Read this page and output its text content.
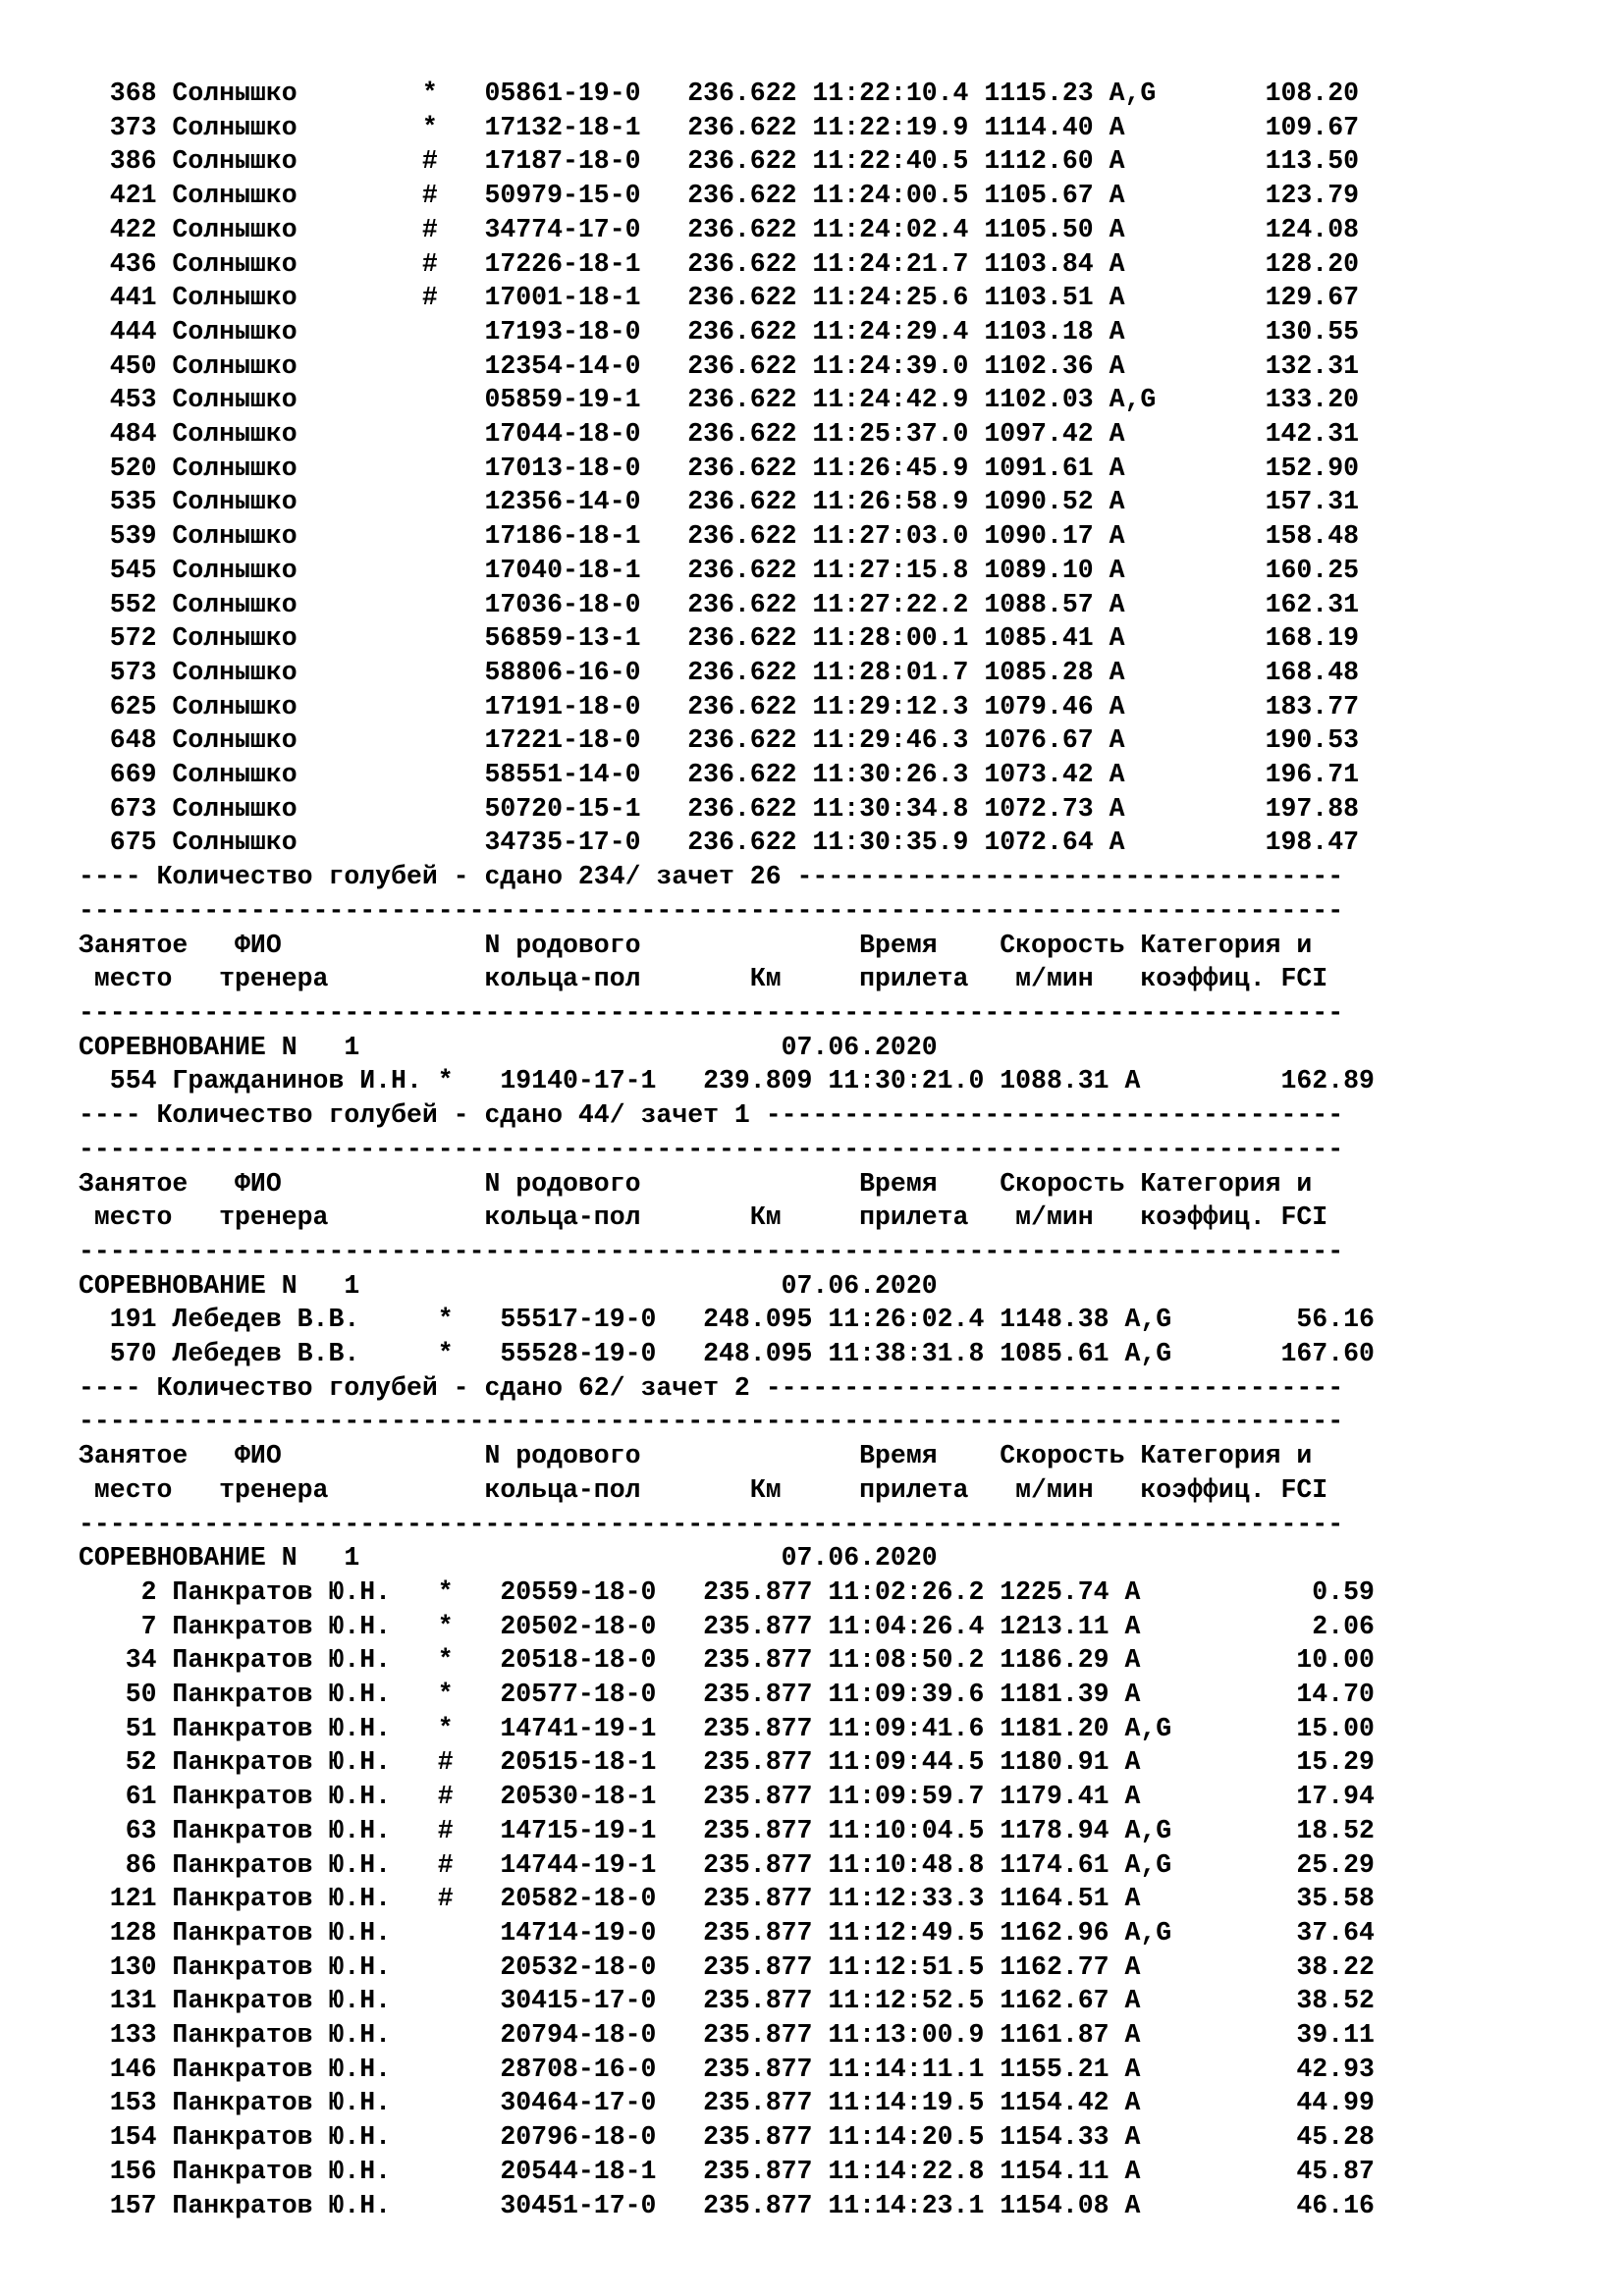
368 Солнышко        *   05861-19-0   236.622 11:22:10.4 1115.23 A,G       108.20
373 Солнышко        *   17132-18-1   236.622 11:22:19.9 1114.40 A         109.67
386 Солнышко        #   17187-18-0   236.622 11:22:40.5 1112.60 A         113.50
421 Солнышко        #   50979-15-0   236.622 11:24:00.5 1105.67 A         123.79
422 Солнышко        #   34774-17-0   236.622 11:24:02.4 1105.50 A         124.08
436 Солнышко        #   17226-18-1   236.622 11:24:21.7 1103.84 A         128.20
441 Солнышко        #   17001-18-1   236.622 11:24:25.6 1103.51 A         129.67
444 Солнышко            17193-18-0   236.622 11:24:29.4 1103.18 A         130.55
450 Солнышко            12354-14-0   236.622 11:24:39.0 1102.36 A         132.31
453 Солнышко            05859-19-1   236.622 11:24:42.9 1102.03 A,G       133.20
484 Солнышко            17044-18-0   236.622 11:25:37.0 1097.42 A         142.31
520 Солнышко            17013-18-0   236.622 11:26:45.9 1091.61 A         152.90
535 Солнышко            12356-14-0   236.622 11:26:58.9 1090.52 A         157.31
539 Солнышко            17186-18-1   236.622 11:27:03.0 1090.17 A         158.48
545 Солнышко            17040-18-1   236.622 11:27:15.8 1089.10 A         160.25
552 Солнышко            17036-18-0   236.622 11:27:22.2 1088.57 A         162.31
572 Солнышко            56859-13-1   236.622 11:28:00.1 1085.41 A         168.19
573 Солнышко            58806-16-0   236.622 11:28:01.7 1085.28 A         168.48
625 Солнышко            17191-18-0   236.622 11:29:12.3 1079.46 A         183.77
648 Солнышко            17221-18-0   236.622 11:29:46.3 1076.67 A         190.53
669 Солнышко            58551-14-0   236.622 11:30:26.3 1073.42 A         196.71
673 Солнышко            50720-15-1   236.622 11:30:34.8 1072.73 A         197.88
675 Солнышко            34735-17-0   236.622 11:30:35.9 1072.64 A         198.47
---- Количество голубей - сдано 234/ зачет 26 -----------------------------------
---------------------------------------------------------------------------------
Занятое   ФИО             N родового              Время    Скорость Категория и
место   тренера          кольца-пол       Км     прилета   м/мин   коэффиц. FCI
---------------------------------------------------------------------------------
СОРЕВНОВАНИЕ N   1                           07.06.2020
554 Гражданинов И.Н. *   19140-17-1   239.809 11:30:21.0 1088.31 A         162.89
---- Количество голубей - сдано 44/ зачет 1 -------------------------------------
---------------------------------------------------------------------------------
Занятое   ФИО             N родового              Время    Скорость Категория и
место   тренера          кольца-пол       Км     прилета   м/мин   коэффиц. FCI
---------------------------------------------------------------------------------
СОРЕВНОВАНИЕ N   1                           07.06.2020
191 Лебедев В.В.     *   55517-19-0   248.095 11:26:02.4 1148.38 A,G        56.16
570 Лебедев В.В.     *   55528-19-0   248.095 11:38:31.8 1085.61 A,G       167.60
---- Количество голубей - сдано 62/ зачет 2 -------------------------------------
---------------------------------------------------------------------------------
Занятое   ФИО             N родового              Время    Скорость Категория и
место   тренера          кольца-пол       Км     прилета   м/мин   коэффиц. FCI
---------------------------------------------------------------------------------
СОРЕВНОВАНИЕ N   1                           07.06.2020
2 Панкратов Ю.Н.   *   20559-18-0   235.877 11:02:26.2 1225.74 A           0.59
7 Панкратов Ю.Н.   *   20502-18-0   235.877 11:04:26.4 1213.11 A           2.06
34 Панкратов Ю.Н.   *   20518-18-0   235.877 11:08:50.2 1186.29 A          10.00
50 Панкратов Ю.Н.   *   20577-18-0   235.877 11:09:39.6 1181.39 A          14.70
51 Панкратов Ю.Н.   *   14741-19-1   235.877 11:09:41.6 1181.20 A,G        15.00
52 Панкратов Ю.Н.   #   20515-18-1   235.877 11:09:44.5 1180.91 A          15.29
61 Панкратов Ю.Н.   #   20530-18-1   235.877 11:09:59.7 1179.41 A          17.94
63 Панкратов Ю.Н.   #   14715-19-1   235.877 11:10:04.5 1178.94 A,G        18.52
86 Панкратов Ю.Н.   #   14744-19-1   235.877 11:10:48.8 1174.61 A,G        25.29
121 Панкратов Ю.Н.   #   20582-18-0   235.877 11:12:33.3 1164.51 A          35.58
128 Панкратов Ю.Н.       14714-19-0   235.877 11:12:49.5 1162.96 A,G        37.64
130 Панкратов Ю.Н.       20532-18-0   235.877 11:12:51.5 1162.77 A          38.22
131 Панкратов Ю.Н.       30415-17-0   235.877 11:12:52.5 1162.67 A          38.52
133 Панкратов Ю.Н.       20794-18-0   235.877 11:13:00.9 1161.87 A          39.11
146 Панкратов Ю.Н.       28708-16-0   235.877 11:14:11.1 1155.21 A          42.93
153 Панкратов Ю.Н.       30464-17-0   235.877 11:14:19.5 1154.42 A          44.99
154 Панкратов Ю.Н.       20796-18-0   235.877 11:14:20.5 1154.33 A          45.28
156 Панкратов Ю.Н.       20544-18-1   235.877 11:14:22.8 1154.11 A          45.87
157 Панкратов Ю.Н.       30451-17-0   235.877 11:14:23.1 1154.08 A          46.16
